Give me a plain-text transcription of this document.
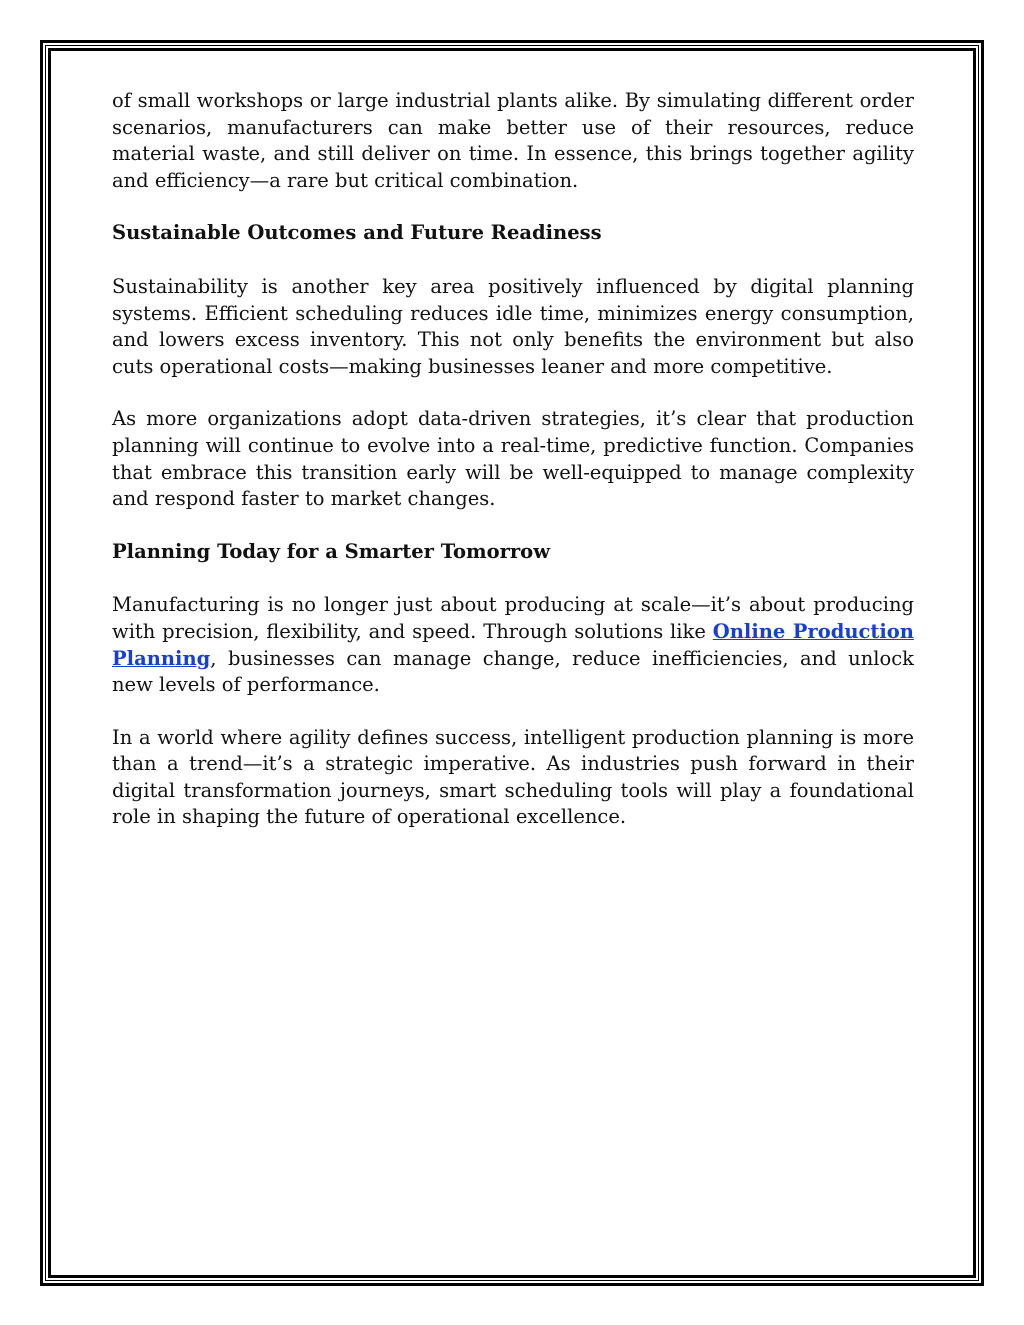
of small workshops or large industrial plants alike. By simulating different order scenarios, manufacturers can make better use of their resources, reduce material waste, and still deliver on time. In essence, this brings together agility and efficiency—a rare but critical combination.

Sustainable Outcomes and Future Readiness

Sustainability is another key area positively influenced by digital planning systems. Efficient scheduling reduces idle time, minimizes energy consumption, and lowers excess inventory. This not only benefits the environment but also cuts operational costs—making businesses leaner and more competitive.

As more organizations adopt data-driven strategies, it’s clear that production planning will continue to evolve into a real-time, predictive function. Companies that embrace this transition early will be well-equipped to manage complexity and respond faster to market changes.

Planning Today for a Smarter Tomorrow

Manufacturing is no longer just about producing at scale—it’s about producing with precision, flexibility, and speed. Through solutions like Online Production Planning, businesses can manage change, reduce inefficiencies, and unlock new levels of performance.

In a world where agility defines success, intelligent production planning is more than a trend—it’s a strategic imperative. As industries push forward in their digital transformation journeys, smart scheduling tools will play a foundational role in shaping the future of operational excellence.
